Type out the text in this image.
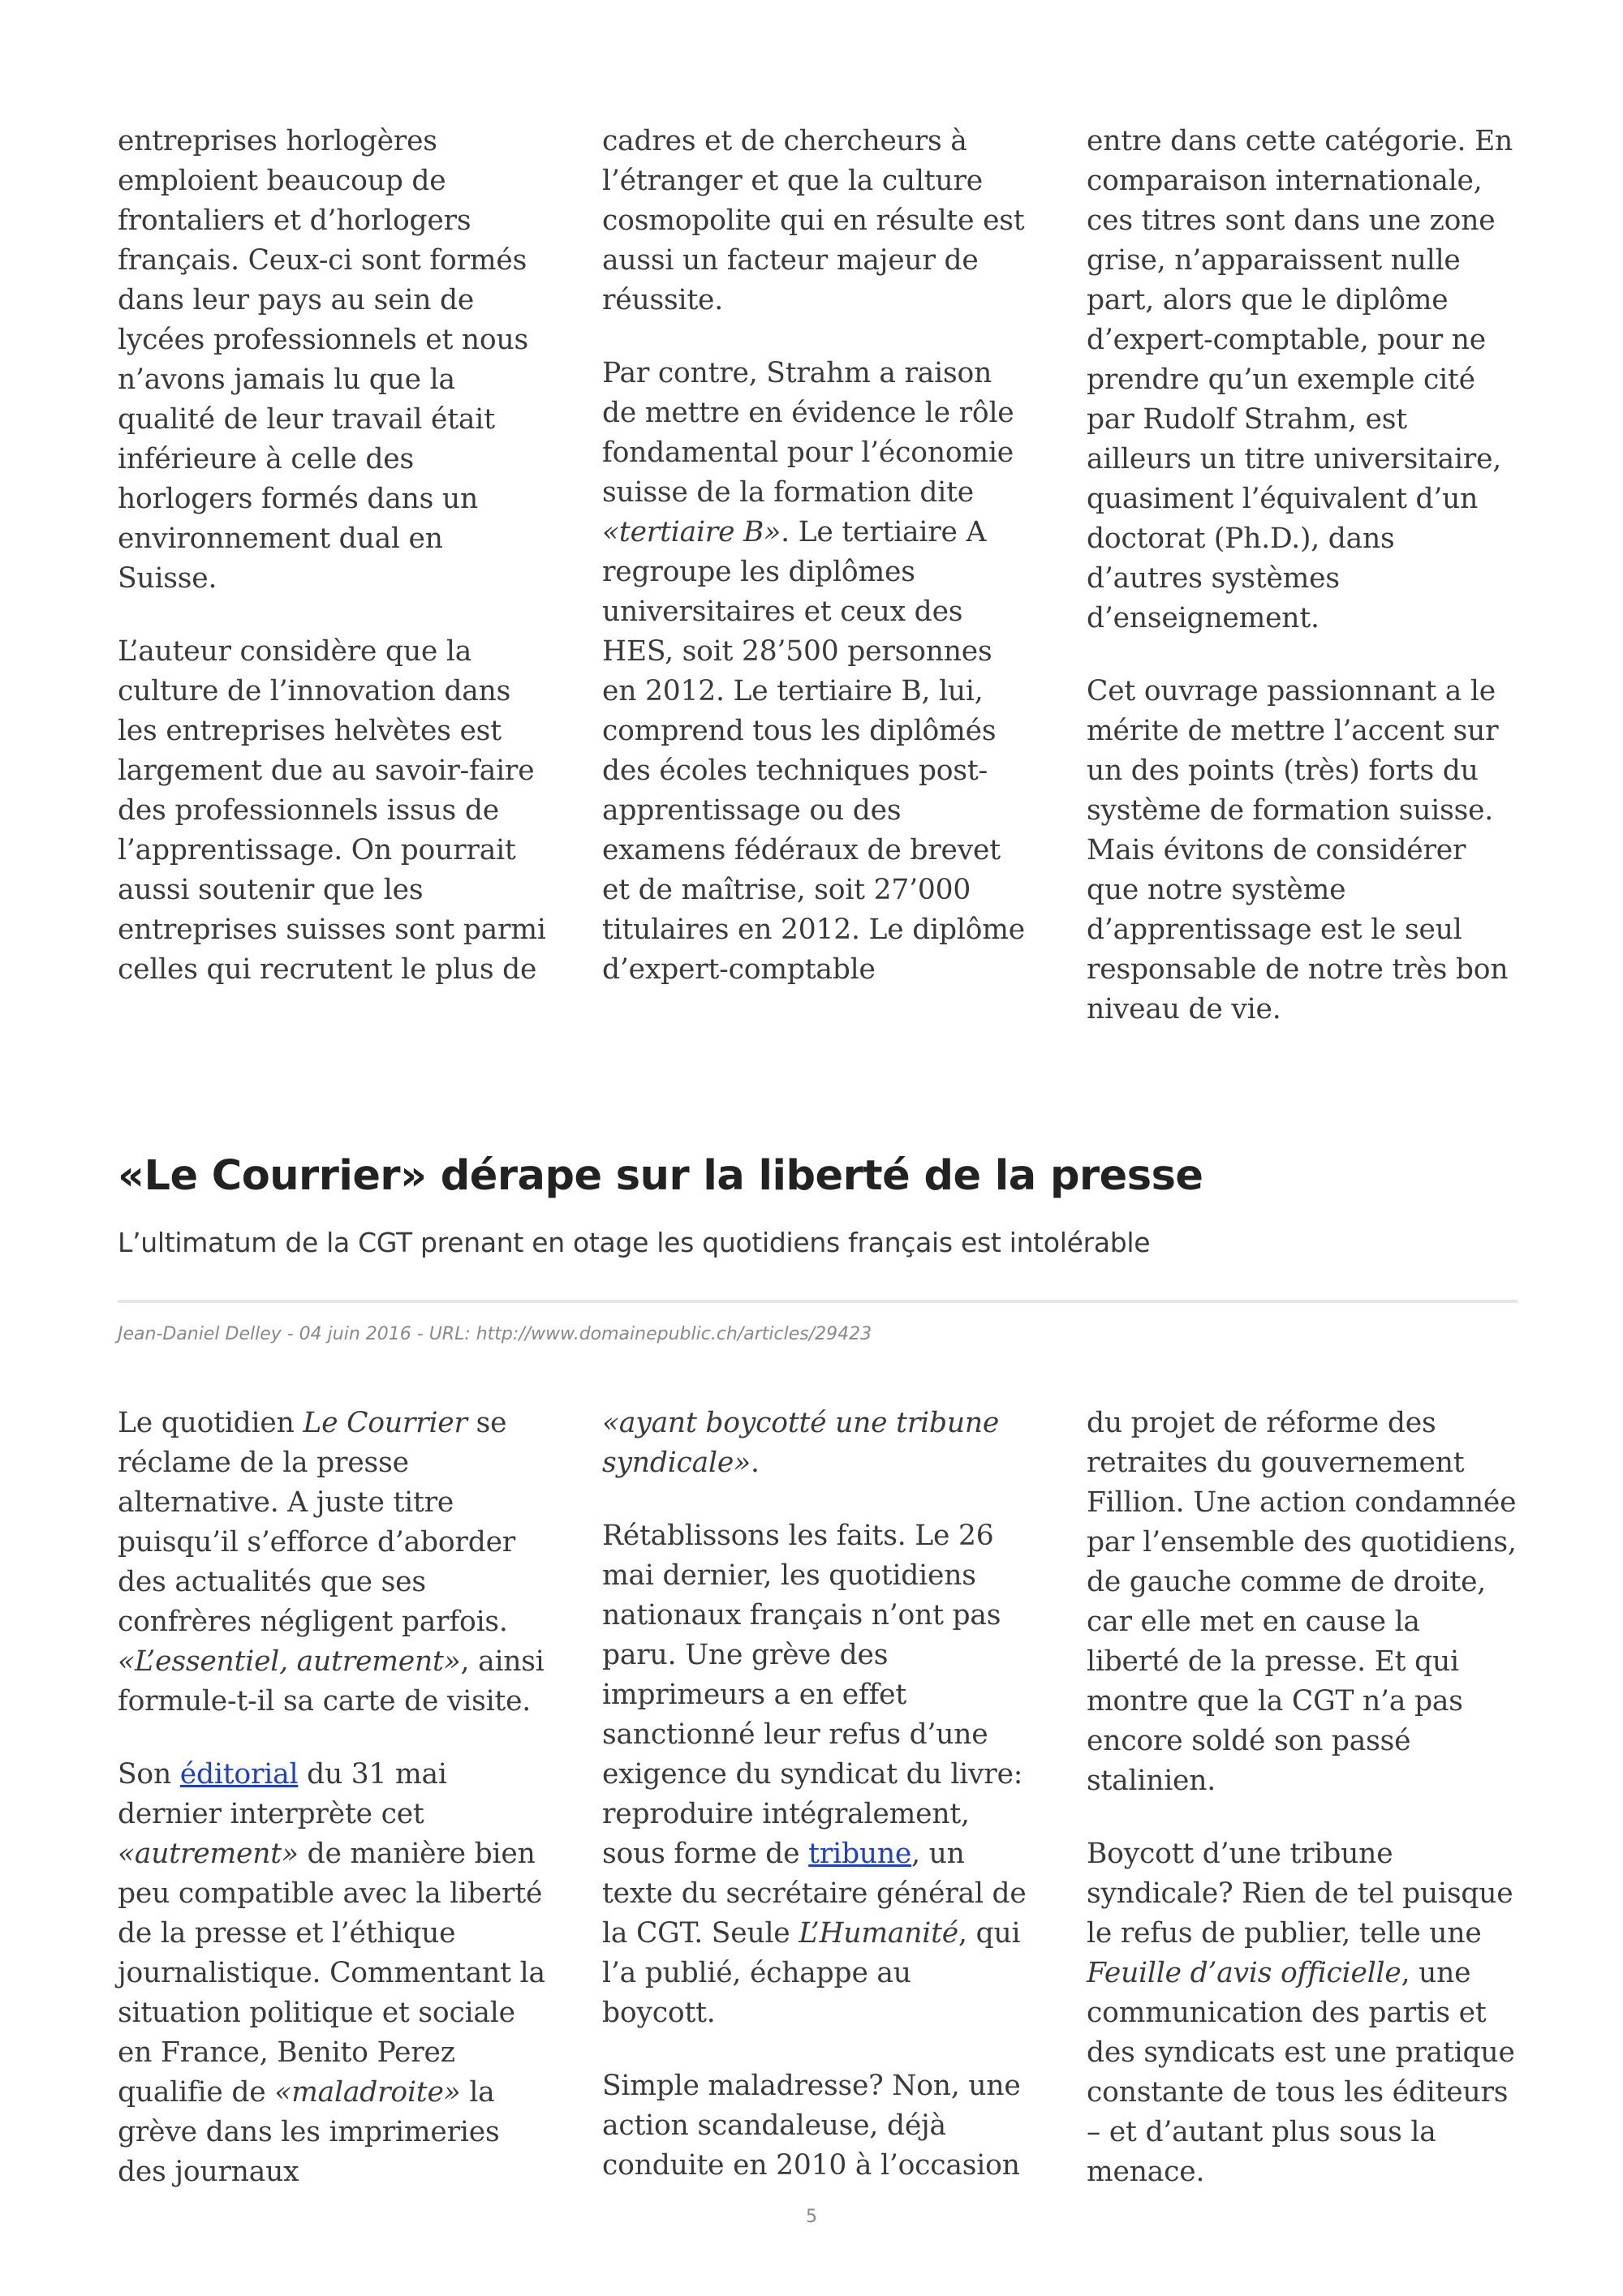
entreprises horlogères emploient beaucoup de frontaliers et d’horlogers français. Ceux-ci sont formés dans leur pays au sein de lycées professionnels et nous n’avons jamais lu que la qualité de leur travail était inférieure à celle des horlogers formés dans un environnement dual en Suisse.

L’auteur considère que la culture de l’innovation dans les entreprises helvètes est largement due au savoir-faire des professionnels issus de l’apprentissage. On pourrait aussi soutenir que les entreprises suisses sont parmi celles qui recrutent le plus de

cadres et de chercheurs à l’étranger et que la culture cosmopolite qui en résulte est aussi un facteur majeur de réussite.

Par contre, Strahm a raison de mettre en évidence le rôle fondamental pour l’économie suisse de la formation dite «tertiaire B». Le tertiaire A regroupe les diplômes universitaires et ceux des HES, soit 28’500 personnes en 2012. Le tertiaire B, lui, comprend tous les diplômés des écoles techniques post-apprentissage ou des examens fédéraux de brevet et de maîtrise, soit 27’000 titulaires en 2012. Le diplôme d’expert-comptable

entre dans cette catégorie. En comparaison internationale, ces titres sont dans une zone grise, n’apparaissent nulle part, alors que le diplôme d’expert-comptable, pour ne prendre qu’un exemple cité par Rudolf Strahm, est ailleurs un titre universitaire, quasiment l’équivalent d’un doctorat (Ph.D.), dans d’autres systèmes d’enseignement.

Cet ouvrage passionnant a le mérite de mettre l’accent sur un des points (très) forts du système de formation suisse. Mais évitons de considérer que notre système d’apprentissage est le seul responsable de notre très bon niveau de vie.

«Le Courrier» dérape sur la liberté de la presse

L’ultimatum de la CGT prenant en otage les quotidiens français est intolérable

Jean-Daniel Delley - 04 juin 2016 - URL: http://www.domainepublic.ch/articles/29423

Le quotidien Le Courrier se réclame de la presse alternative. A juste titre puisqu’il s’efforce d’aborder des actualités que ses confrères négligent parfois. «L’essentiel, autrement», ainsi formule-t-il sa carte de visite.

Son éditorial du 31 mai dernier interprète cet «autrement» de manière bien peu compatible avec la liberté de la presse et l’éthique journalistique. Commentant la situation politique et sociale en France, Benito Perez qualifie de «maladroite» la grève dans les imprimeries des journaux

«ayant boycotté une tribune syndicale».

Rétablissons les faits. Le 26 mai dernier, les quotidiens nationaux français n’ont pas paru. Une grève des imprimeurs a en effet sanctionné leur refus d’une exigence du syndicat du livre: reproduire intégralement, sous forme de tribune, un texte du secrétaire général de la CGT. Seule L’Humanité, qui l’a publié, échappe au boycott.

Simple maladresse? Non, une action scandaleuse, déjà conduite en 2010 à l’occasion

du projet de réforme des retraites du gouvernement Fillion. Une action condamnée par l’ensemble des quotidiens, de gauche comme de droite, car elle met en cause la liberté de la presse. Et qui montre que la CGT n’a pas encore soldé son passé stalinien.

Boycott d’une tribune syndicale? Rien de tel puisque le refus de publier, telle une Feuille d’avis officielle, une communication des partis et des syndicats est une pratique constante de tous les éditeurs – et d’autant plus sous la menace.

5
